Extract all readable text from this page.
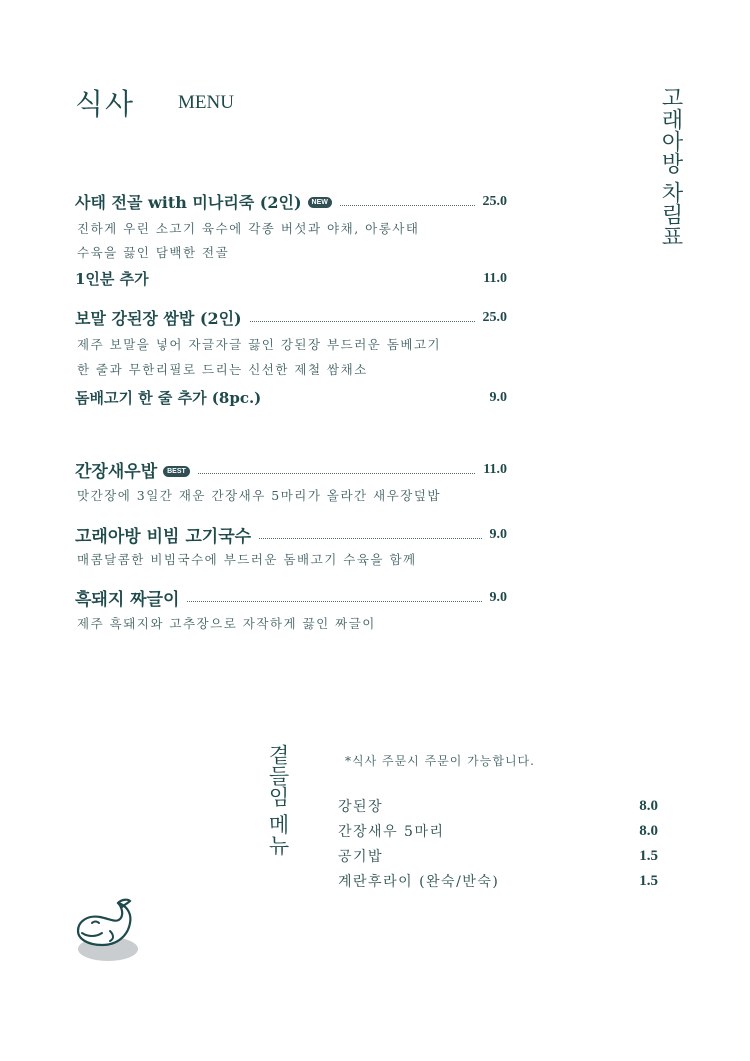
식사 MENU	고래아방 차림표
사태 전골 with 미나리죽 (2인) NEW	25.0
진하게 우린 소고기 육수에 각종 버섯과 야채, 아롱사태
수육을 끓인 담백한 전골
1인분 추가	11.0
보말 강된장 쌈밥 (2인)	25.0
제주 보말을 넣어 자글자글 끓인 강된장 부드러운 돔베고기
한 줄과 무한리필로 드리는 신선한 제철 쌈채소
돔배고기 한 줄 추가 (8pc.)	9.0
간장새우밥 BEST	11.0
맛간장에 3일간 재운 간장새우 5마리가 올라간 새우장덮밥
고래아방 비빔 고기국수	9.0
매콤달콤한 비빔국수에 부드러운 돔배고기 수육을 함께
흑돼지 짜글이	9.0
제주 흑돼지와 고추장으로 자작하게 끓인 짜글이
곁들임 메뉴	*식사 주문시 주문이 가능합니다.
강된장	8.0
간장새우 5마리	8.0
공기밥	1.5
계란후라이 (완숙/반숙)	1.5
